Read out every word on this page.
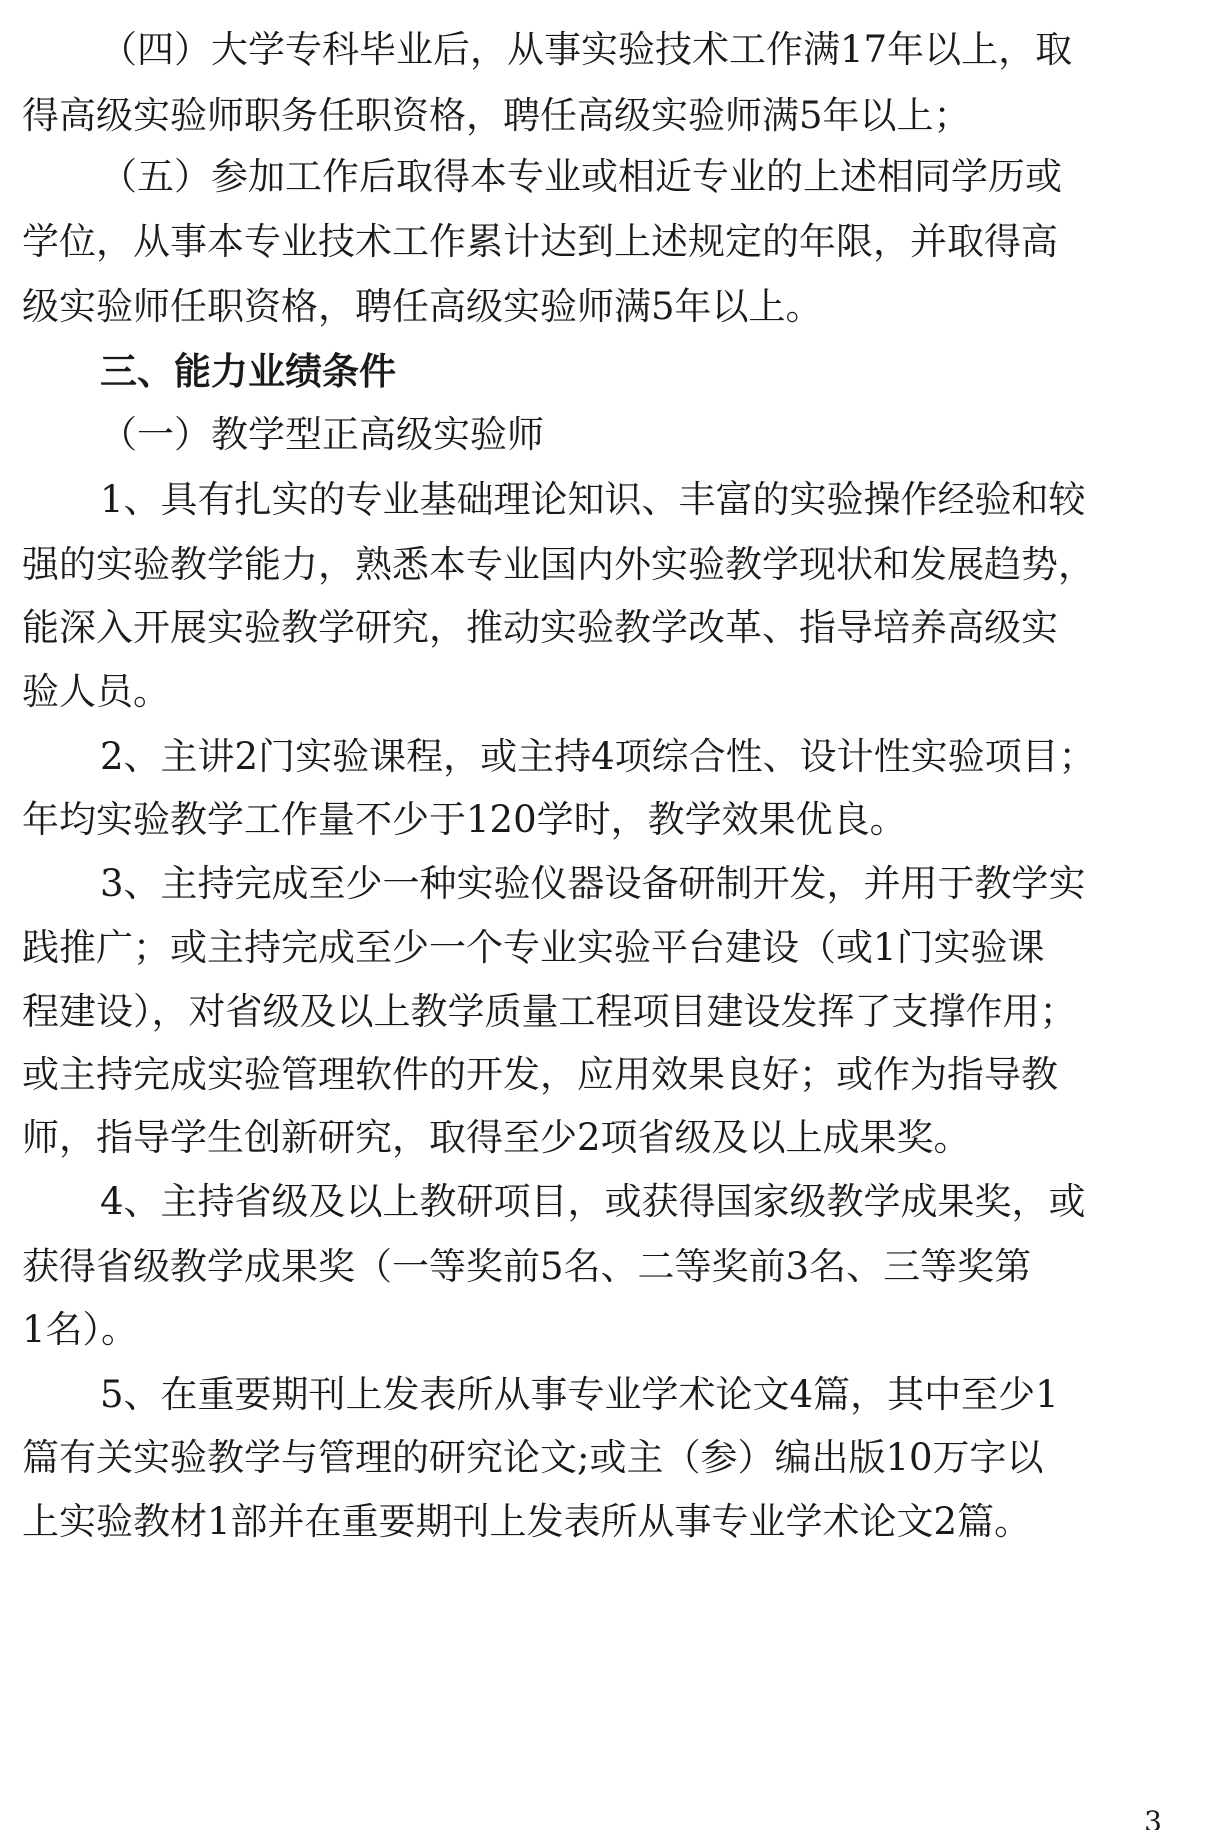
（四）大学专科毕业后，从事实验技术工作满17年以上，取
得高级实验师职务任职资格，聘任高级实验师满5年以上；
（五）参加工作后取得本专业或相近专业的上述相同学历或
学位，从事本专业技术工作累计达到上述规定的年限，并取得高
级实验师任职资格，聘任高级实验师满5年以上。
三、能力业绩条件
（一）教学型正高级实验师
1、具有扎实的专业基础理论知识、丰富的实验操作经验和较
强的实验教学能力，熟悉本专业国内外实验教学现状和发展趋势，
能深入开展实验教学研究，推动实验教学改革、指导培养高级实
验人员。
2、主讲2门实验课程，或主持4项综合性、设计性实验项目；
年均实验教学工作量不少于120学时，教学效果优良。
3、主持完成至少一种实验仪器设备研制开发，并用于教学实
践推广；或主持完成至少一个专业实验平台建设（或1门实验课
程建设），对省级及以上教学质量工程项目建设发挥了支撑作用；
或主持完成实验管理软件的开发，应用效果良好；或作为指导教
师，指导学生创新研究，取得至少2项省级及以上成果奖。
4、主持省级及以上教研项目，或获得国家级教学成果奖，或
获得省级教学成果奖（一等奖前5名、二等奖前3名、三等奖第
1名）。
5、在重要期刊上发表所从事专业学术论文4篇，其中至少1
篇有关实验教学与管理的研究论文;或主（参）编出版10万字以
上实验教材1部并在重要期刊上发表所从事专业学术论文2篇。
3
